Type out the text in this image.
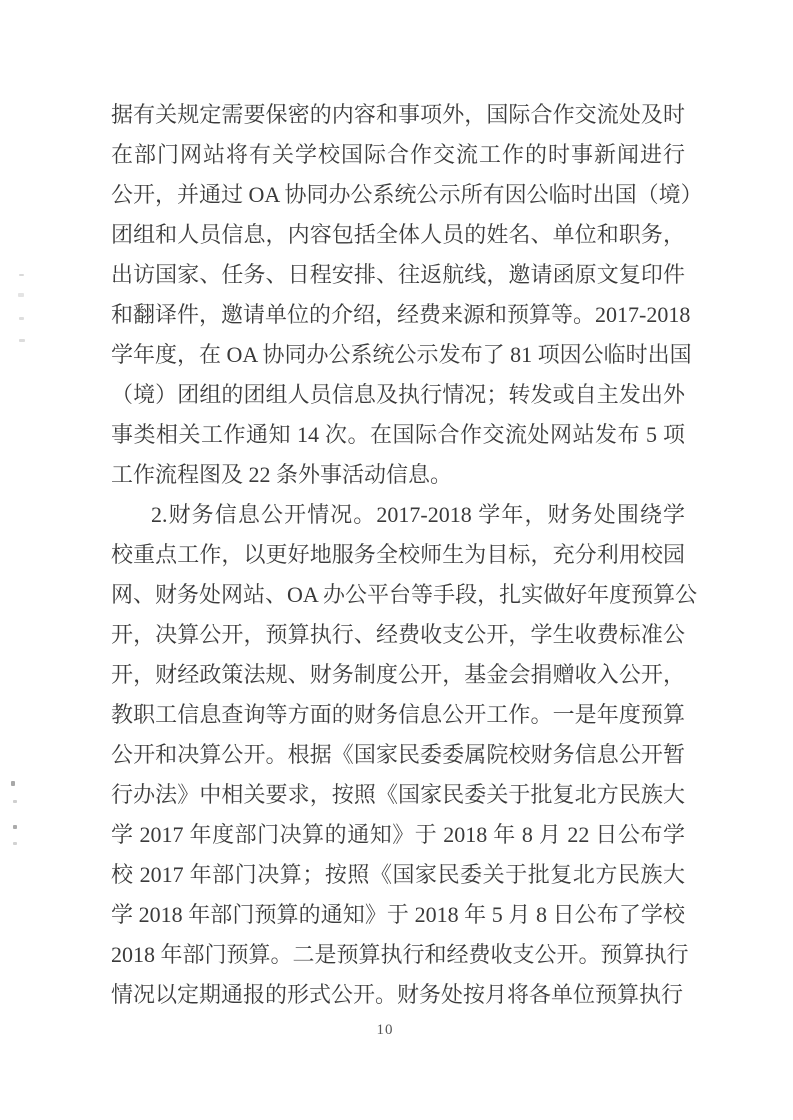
据有关规定需要保密的内容和事项外，国际合作交流处及时
在部门网站将有关学校国际合作交流工作的时事新闻进行
公开，并通过 OA 协同办公系统公示所有因公临时出国（境）
团组和人员信息，内容包括全体人员的姓名、单位和职务，
出访国家、任务、日程安排、往返航线，邀请函原文复印件
和翻译件，邀请单位的介绍，经费来源和预算等。2017-2018
学年度，在 OA 协同办公系统公示发布了 81 项因公临时出国
（境）团组的团组人员信息及执行情况；转发或自主发出外
事类相关工作通知 14 次。在国际合作交流处网站发布 5 项
工作流程图及 22 条外事活动信息。
2.财务信息公开情况。2017-2018 学年，财务处围绕学
校重点工作，以更好地服务全校师生为目标，充分利用校园
网、财务处网站、OA 办公平台等手段，扎实做好年度预算公
开，决算公开，预算执行、经费收支公开，学生收费标准公
开，财经政策法规、财务制度公开，基金会捐赠收入公开，
教职工信息查询等方面的财务信息公开工作。一是年度预算
公开和决算公开。根据《国家民委委属院校财务信息公开暂
行办法》中相关要求，按照《国家民委关于批复北方民族大
学 2017 年度部门决算的通知》于 2018 年 8 月 22 日公布学
校 2017 年部门决算；按照《国家民委关于批复北方民族大
学 2018 年部门预算的通知》于 2018 年 5 月 8 日公布了学校
2018 年部门预算。二是预算执行和经费收支公开。预算执行
情况以定期通报的形式公开。财务处按月将各单位预算执行
10
